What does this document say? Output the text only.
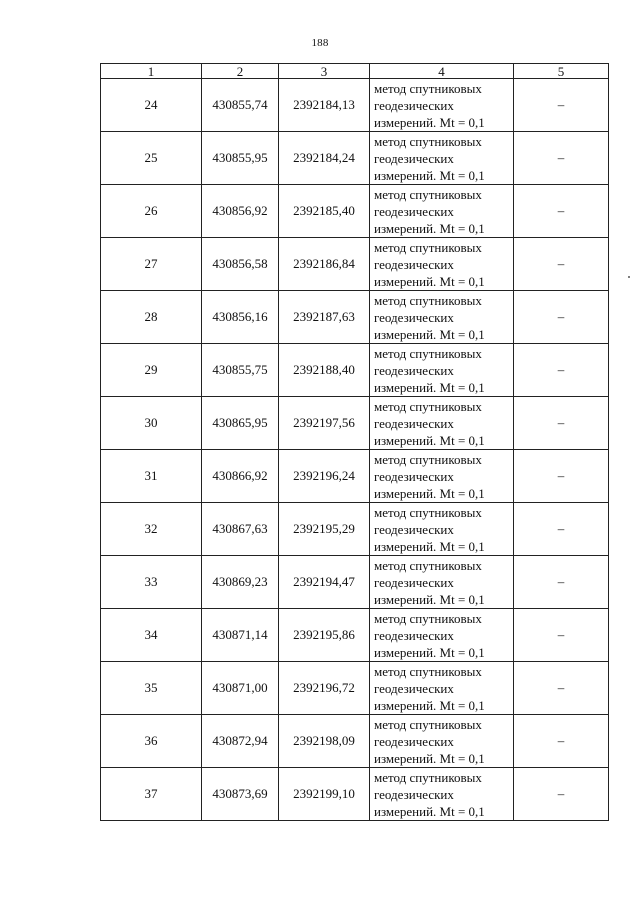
188
1	2	3	4	5
24	430855,74	2392184,13	метод спутниковых
геодезических
измерений. Mt = 0,1	–
25	430855,95	2392184,24	метод спутниковых
геодезических
измерений. Mt = 0,1	–
26	430856,92	2392185,40	метод спутниковых
геодезических
измерений. Mt = 0,1	–
27	430856,58	2392186,84	метод спутниковых
геодезических
измерений. Mt = 0,1	–
28	430856,16	2392187,63	метод спутниковых
геодезических
измерений. Mt = 0,1	–
29	430855,75	2392188,40	метод спутниковых
геодезических
измерений. Mt = 0,1	–
30	430865,95	2392197,56	метод спутниковых
геодезических
измерений. Mt = 0,1	–
31	430866,92	2392196,24	метод спутниковых
геодезических
измерений. Mt = 0,1	–
32	430867,63	2392195,29	метод спутниковых
геодезических
измерений. Mt = 0,1	–
33	430869,23	2392194,47	метод спутниковых
геодезических
измерений. Mt = 0,1	–
34	430871,14	2392195,86	метод спутниковых
геодезических
измерений. Mt = 0,1	–
35	430871,00	2392196,72	метод спутниковых
геодезических
измерений. Mt = 0,1	–
36	430872,94	2392198,09	метод спутниковых
геодезических
измерений. Mt = 0,1	–
37	430873,69	2392199,10	метод спутниковых
геодезических
измерений. Mt = 0,1	–
